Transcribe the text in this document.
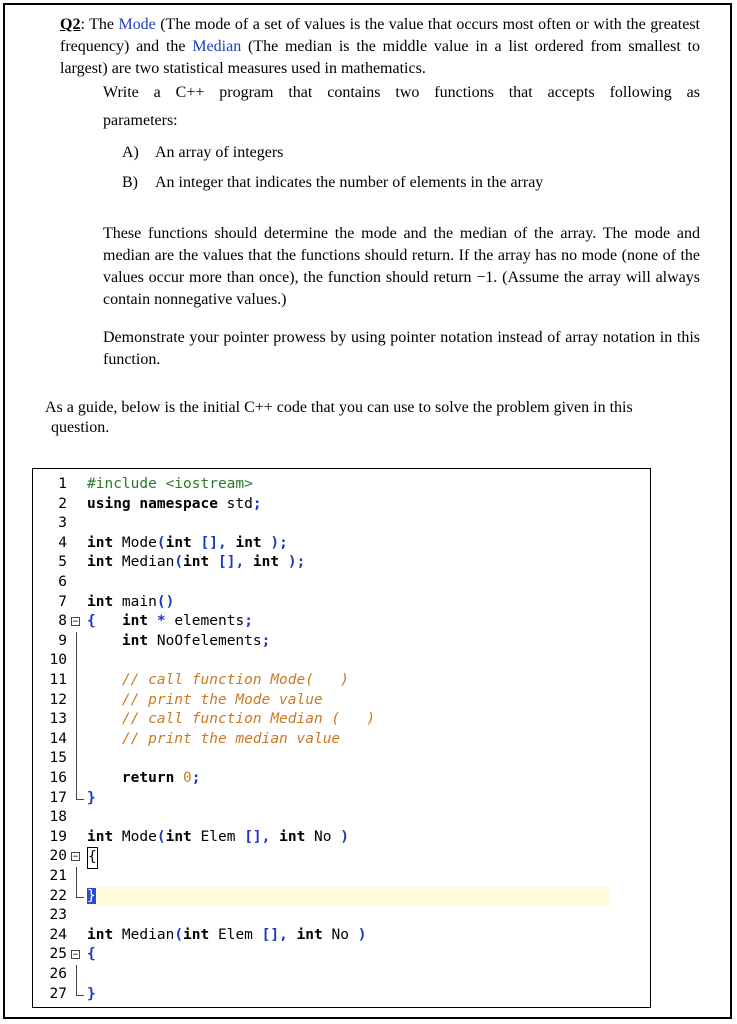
Q2: The Mode (The mode of a set of values is the value that occurs most often or with the greatest frequency) and the Median (The median is the middle value in a list ordered from smallest to largest) are two statistical measures used in mathematics.

Write a C++ program that contains two functions that accepts following as

parameters:

A)	An array of integers
B)	An integer that indicates the number of elements in the array

These functions should determine the mode and the median of the array. The mode and median are the values that the functions should return. If the array has no mode (none of the values occur more than once), the function should return −1. (Assume the array will always contain nonnegative values.)

Demonstrate your pointer prowess by using pointer notation instead of array notation in this function.

As a guide, below is the initial C++ code that you can use to solve the problem given in this
question.
1 #include <iostream>
2 using namespace std;
3
4 int Mode(int [], int );
5 int Median(int [], int );
6
7 int main()
8 − { int * elements;
9	int NoOfelements;
10
11	// call function Mode(   )
12	// print the Mode value
13	// call function Median (   )
14	// print the median value
15
16	return 0;
17 }
18
19 int Mode(int Elem [], int No )
20 − {
21
22 }
23
24 int Median(int Elem [], int No )
25 − {
26
27 }
